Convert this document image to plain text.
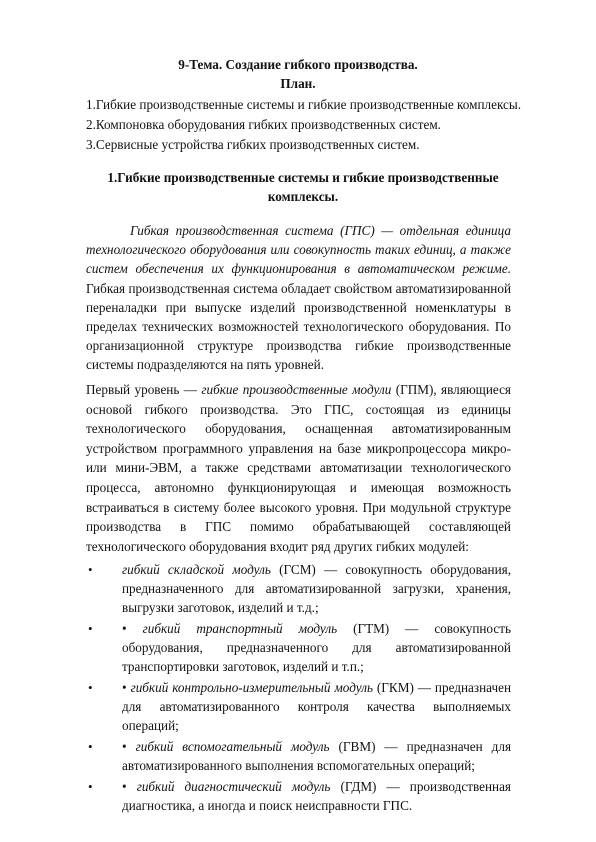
9-Тема. Создание гибкого производства.
План.
1.Гибкие производственные системы и гибкие производственные комплексы.
2.Компоновка оборудования гибких производственных систем.
3.Сервисные устройства гибких производственных систем.
1.Гибкие производственные системы и гибкие производственные комплексы.
Гибкая производственная система (ГПС) — отдельная единица технологического оборудования или совокупность таких единиц, а также систем обеспечения их функционирования в автоматическом режиме. Гибкая производственная система обладает свойством автоматизированной переналадки при выпуске изделий производственной номенклатуры в пределах технических возможностей технологического оборудования. По организационной структуре производства гибкие производственные системы подразделяются на пять уровней.
Первый уровень — гибкие производственные модули (ГПМ), являющиеся основой гибкого производства. Это ГПС, состоящая из единицы технологического оборудования, оснащенная автоматизированным устройством программного управления на базе микропроцессора микро- или мини-ЭВМ, а также средствами автоматизации технологического процесса, автономно функционирующая и имеющая возможность встраиваться в систему более высокого уровня. При модульной структуре производства в ГПС помимо обрабатывающей составляющей технологического оборудования входит ряд других гибких модулей:
• гибкий складской модуль (ГСМ) — совокупность оборудования, предназначенного для автоматизированной загрузки, хранения, выгрузки заготовок, изделий и т.д.;
• • гибкий транспортный модуль (ГТМ) — совокупность оборудования, предназначенного для автоматизированной транспортировки заготовок, изделий и т.п.;
• • гибкий контрольно-измерительный модуль (ГКМ) — предназначен для автоматизированного контроля качества выполняемых операций;
• • гибкий вспомогательный модуль (ГВМ) — предназначен для автоматизированного выполнения вспомогательных операций;
• • гибкий диагностический модуль (ГДМ) — производственная диагностика, а иногда и поиск неисправности ГПС.
